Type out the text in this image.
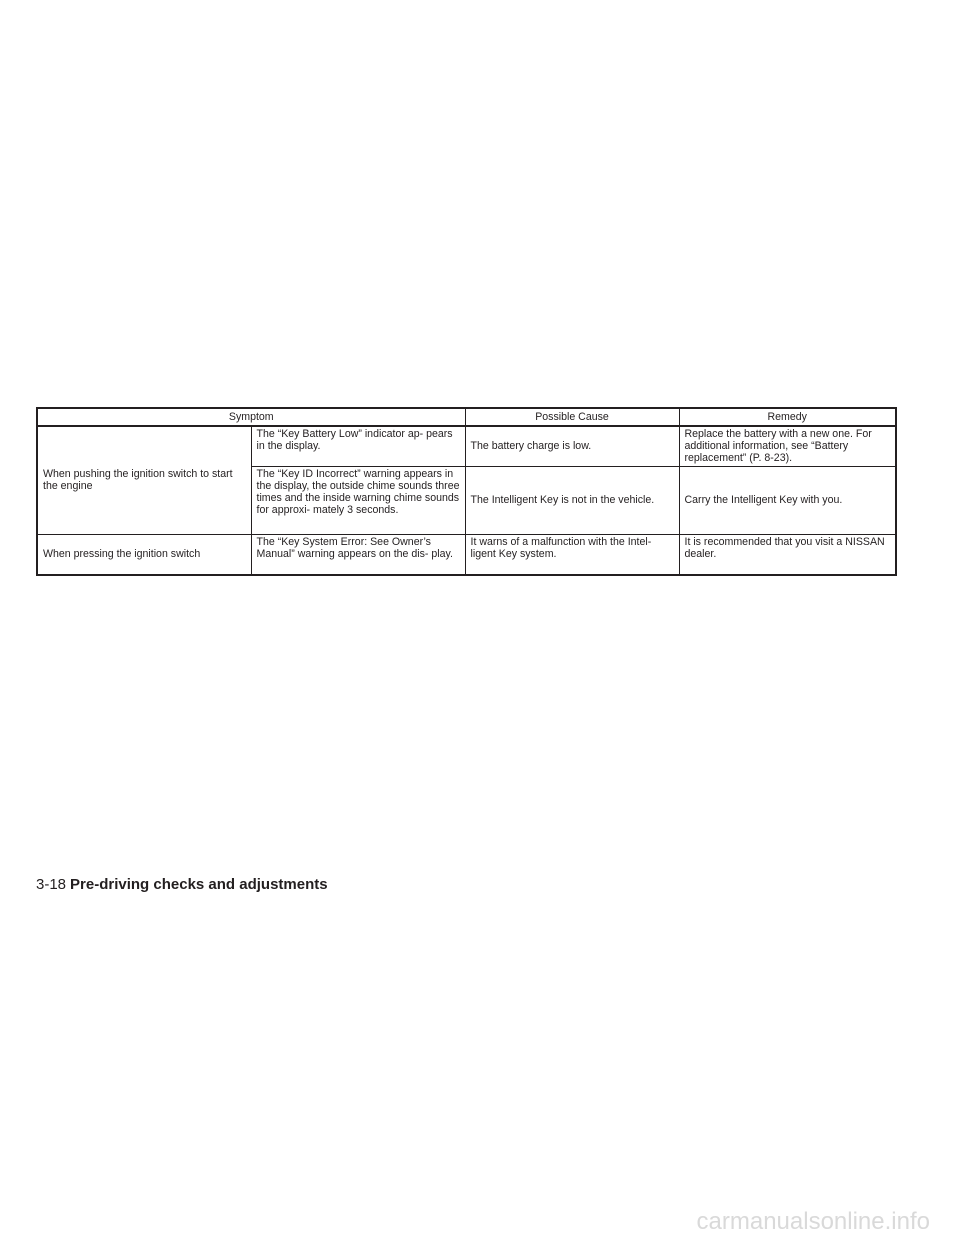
Symptom		Possible Cause	Remedy
When pushing the ignition switch to start the engine	The “Key Battery Low” indicator ap- pears in the display.	The battery charge is low.	Replace the battery with a new one. For additional information, see “Battery replacement” (P. 8-23).
	The “Key ID Incorrect” warning appears in the display, the outside chime sounds three times and the inside warning chime sounds for approxi- mately 3 seconds.	The Intelligent Key is not in the vehicle.	Carry the Intelligent Key with you.
When pressing the ignition switch	The “Key System Error: See Owner’s Manual” warning appears on the dis- play.	It warns of a malfunction with the Intel- ligent Key system.	It is recommended that you visit a NISSAN dealer.
3-18 Pre-driving checks and adjustments
carmanualsonline.info
